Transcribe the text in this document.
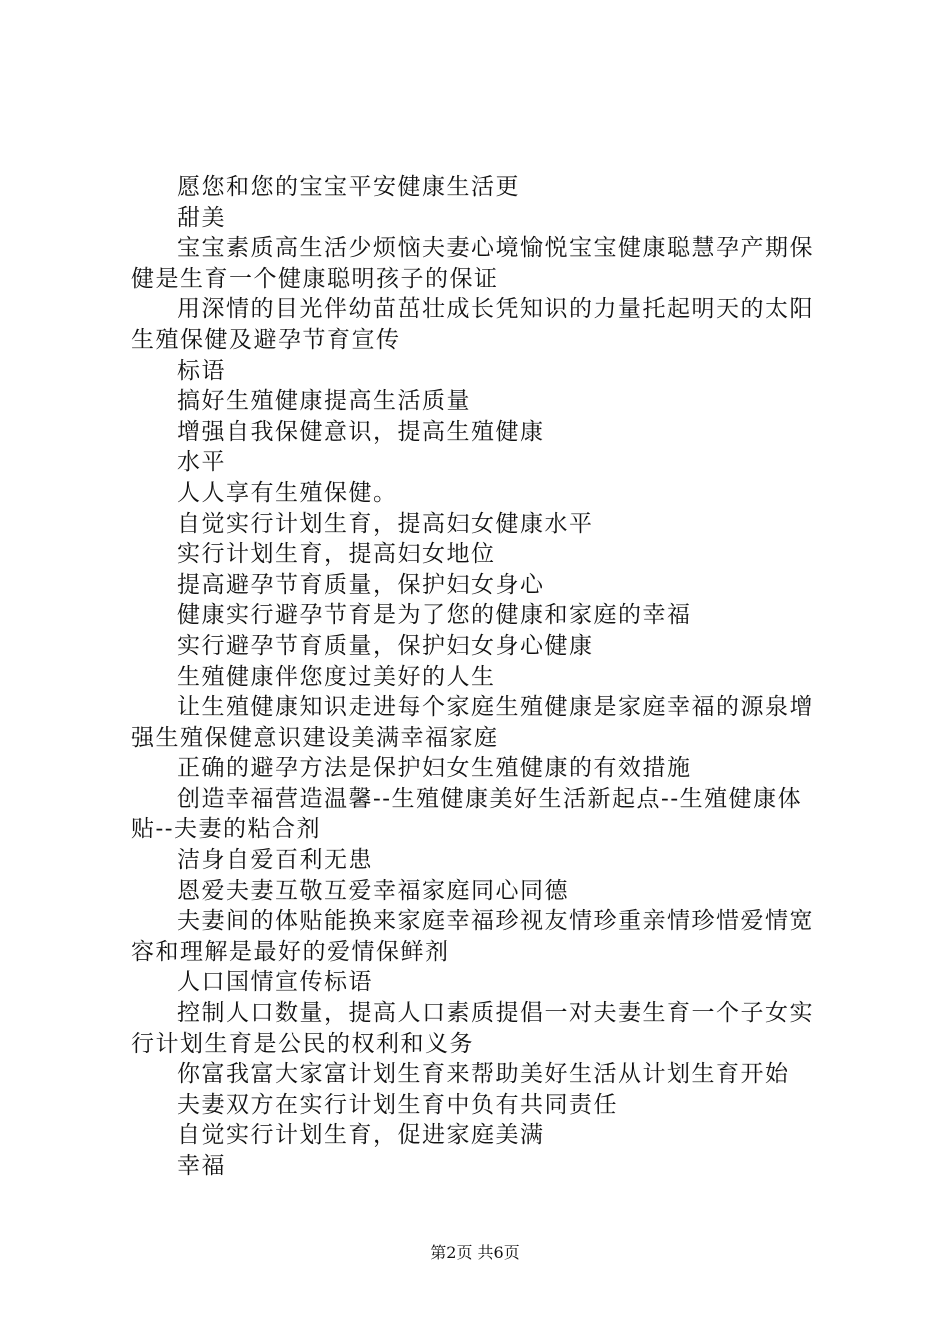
愿您和您的宝宝平安健康生活更

甜美

宝宝素质高生活少烦恼夫妻心境愉悦宝宝健康聪慧孕产期保健是生育一个健康聪明孩子的保证

用深情的目光伴幼苗茁壮成长凭知识的力量托起明天的太阳生殖保健及避孕节育宣传

标语

搞好生殖健康提高生活质量

增强自我保健意识，提高生殖健康

水平

人人享有生殖保健。

自觉实行计划生育，提高妇女健康水平

实行计划生育，提高妇女地位

提高避孕节育质量，保护妇女身心

健康实行避孕节育是为了您的健康和家庭的幸福

实行避孕节育质量，保护妇女身心健康

生殖健康伴您度过美好的人生

让生殖健康知识走进每个家庭生殖健康是家庭幸福的源泉增强生殖保健意识建设美满幸福家庭

正确的避孕方法是保护妇女生殖健康的有效措施

创造幸福营造温馨--生殖健康美好生活新起点--生殖健康体贴--夫妻的粘合剂

洁身自爱百利无患

恩爱夫妻互敬互爱幸福家庭同心同德

夫妻间的体贴能换来家庭幸福珍视友情珍重亲情珍惜爱情宽容和理解是最好的爱情保鲜剂

人口国情宣传标语

控制人口数量，提高人口素质提倡一对夫妻生育一个子女实行计划生育是公民的权利和义务

你富我富大家富计划生育来帮助美好生活从计划生育开始

夫妻双方在实行计划生育中负有共同责任

自觉实行计划生育，促进家庭美满

幸福

第2页 共6页
